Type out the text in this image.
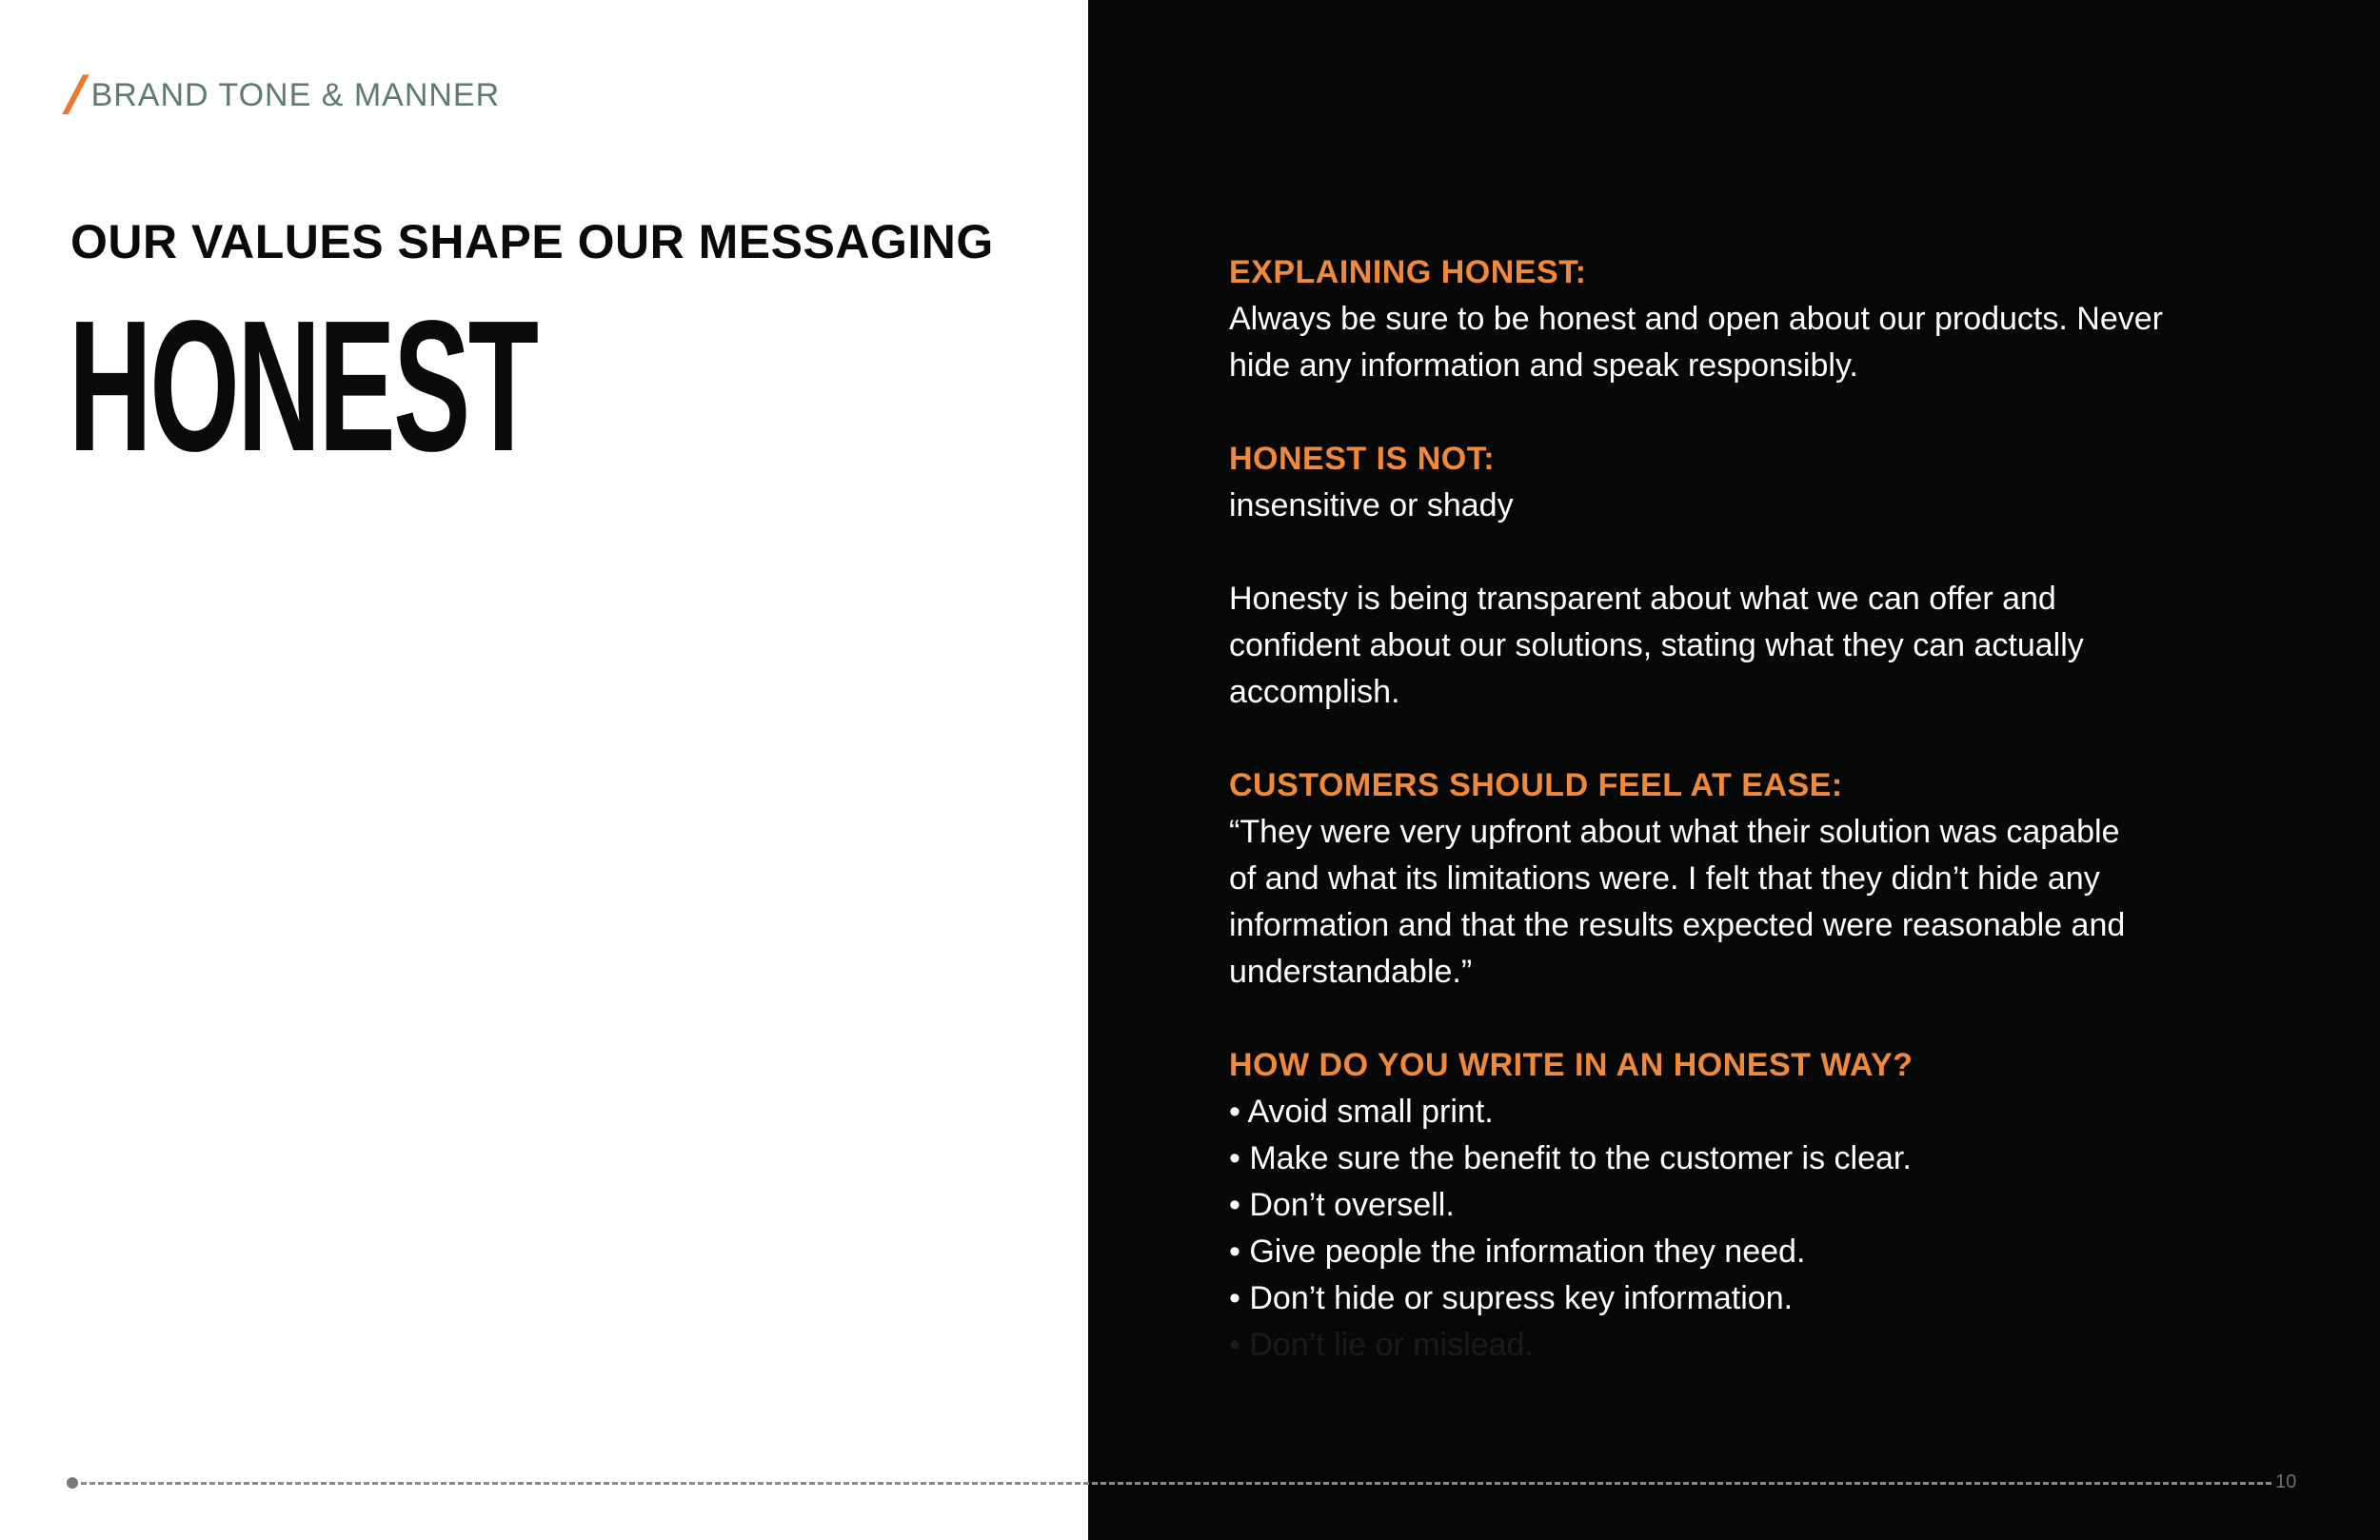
/ BRAND TONE & MANNER
OUR VALUES SHAPE OUR MESSAGING
HONEST
EXPLAINING HONEST:

Always be sure to be honest and open about our products. Never

hide any information and speak responsibly.

HONEST IS NOT:

insensitive or shady

Honesty is being transparent about what we can offer and

confident about our solutions, stating what they can actually

accomplish.

CUSTOMERS SHOULD FEEL AT EASE:

“They were very upfront about what their solution was capable

of and what its limitations were. I felt that they didn’t hide any

information and that the results expected were reasonable and

understandable.”

HOW DO YOU WRITE IN AN HONEST WAY?
• Avoid small print.
• Make sure the benefit to the customer is clear.
• Don’t oversell.
• Give people the information they need.
• Don’t hide or supress key information.
• Don’t lie or mislead.
10
